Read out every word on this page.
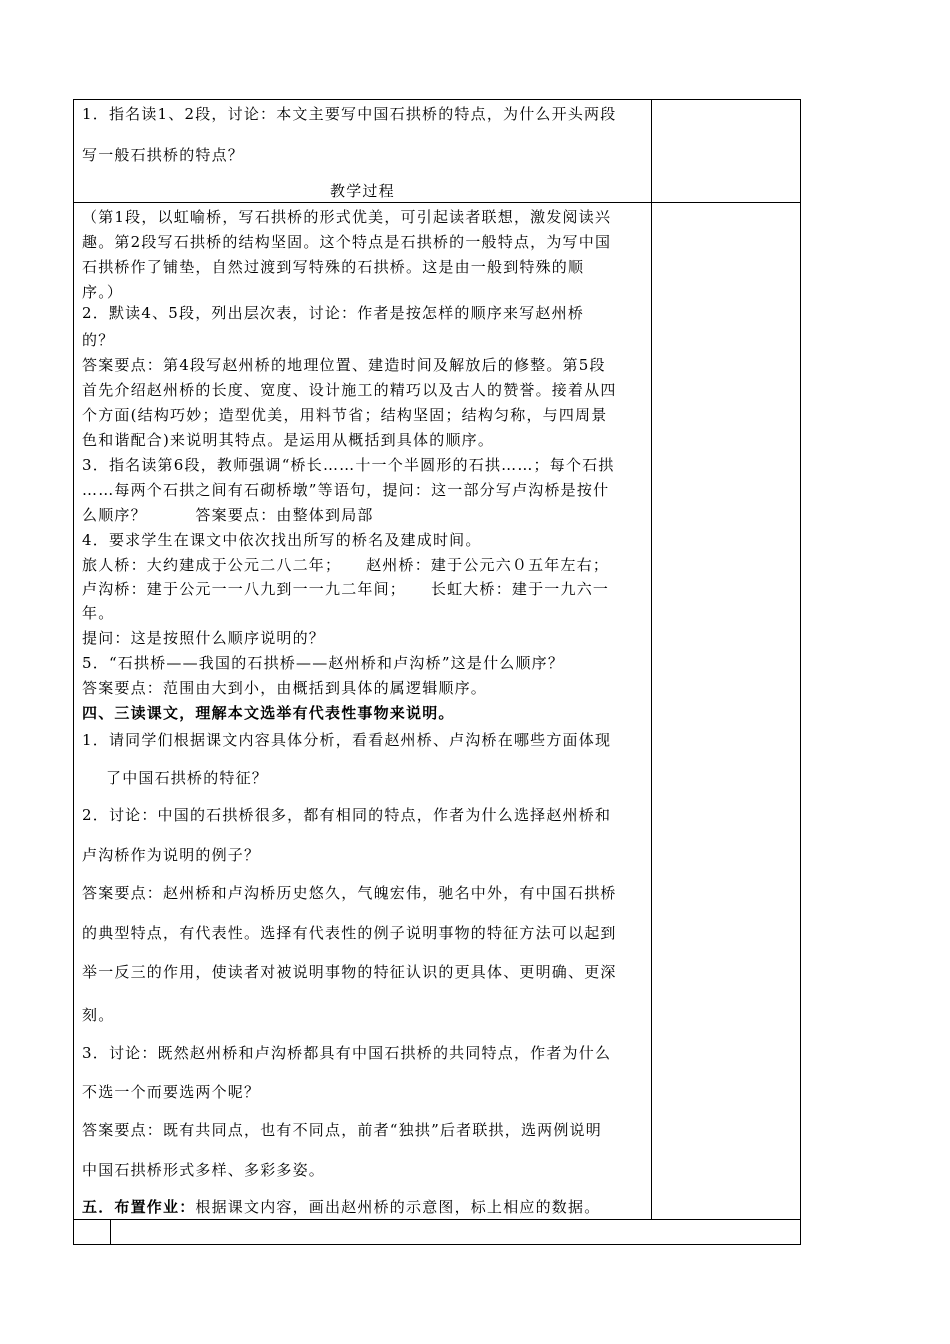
1．指名读1、2段，讨论：本文主要写中国石拱桥的特点，为什么开头两段
写一般石拱桥的特点？
教学过程
（第1段，以虹喻桥，写石拱桥的形式优美，可引起读者联想，激发阅读兴
趣。第2段写石拱桥的结构坚固。这个特点是石拱桥的一般特点，为写中国
石拱桥作了铺垫，自然过渡到写特殊的石拱桥。这是由一般到特殊的顺
序。）
2．默读4、5段，列出层次表，讨论：作者是按怎样的顺序来写赵州桥
的？
答案要点：第4段写赵州桥的地理位置、建造时间及解放后的修整。第5段
首先介绍赵州桥的长度、宽度、设计施工的精巧以及古人的赞誉。接着从四
个方面(结构巧妙；造型优美，用料节省；结构坚固；结构匀称，与四周景
色和谐配合)来说明其特点。是运用从概括到具体的顺序。
3．指名读第6段，教师强调“桥长……十一个半圆形的石拱……；每个石拱
……每两个石拱之间有石砌桥墩”等语句，提问：这一部分写卢沟桥是按什
么顺序？　　　答案要点：由整体到局部
4．要求学生在课文中依次找出所写的桥名及建成时间。
旅人桥：大约建成于公元二八二年；　　赵州桥：建于公元六０五年左右；
卢沟桥：建于公元一一八九到一一九二年间；　　长虹大桥：建于一九六一
年。
提问：这是按照什么顺序说明的？
5．“石拱桥——我国的石拱桥——赵州桥和卢沟桥”这是什么顺序？
答案要点：范围由大到小，由概括到具体的属逻辑顺序。
四、三读课文，理解本文选举有代表性事物来说明。
1．请同学们根据课文内容具体分析，看看赵州桥、卢沟桥在哪些方面体现
了中国石拱桥的特征？
2．讨论：中国的石拱桥很多，都有相同的特点，作者为什么选择赵州桥和
卢沟桥作为说明的例子？
答案要点：赵州桥和卢沟桥历史悠久，气魄宏伟，驰名中外，有中国石拱桥
的典型特点，有代表性。选择有代表性的例子说明事物的特征方法可以起到
举一反三的作用，使读者对被说明事物的特征认识的更具体、更明确、更深
刻。
3．讨论：既然赵州桥和卢沟桥都具有中国石拱桥的共同特点，作者为什么
不选一个而要选两个呢？
答案要点：既有共同点，也有不同点，前者“独拱”后者联拱，选两例说明
中国石拱桥形式多样、多彩多姿。
五．布置作业：根据课文内容，画出赵州桥的示意图，标上相应的数据。
